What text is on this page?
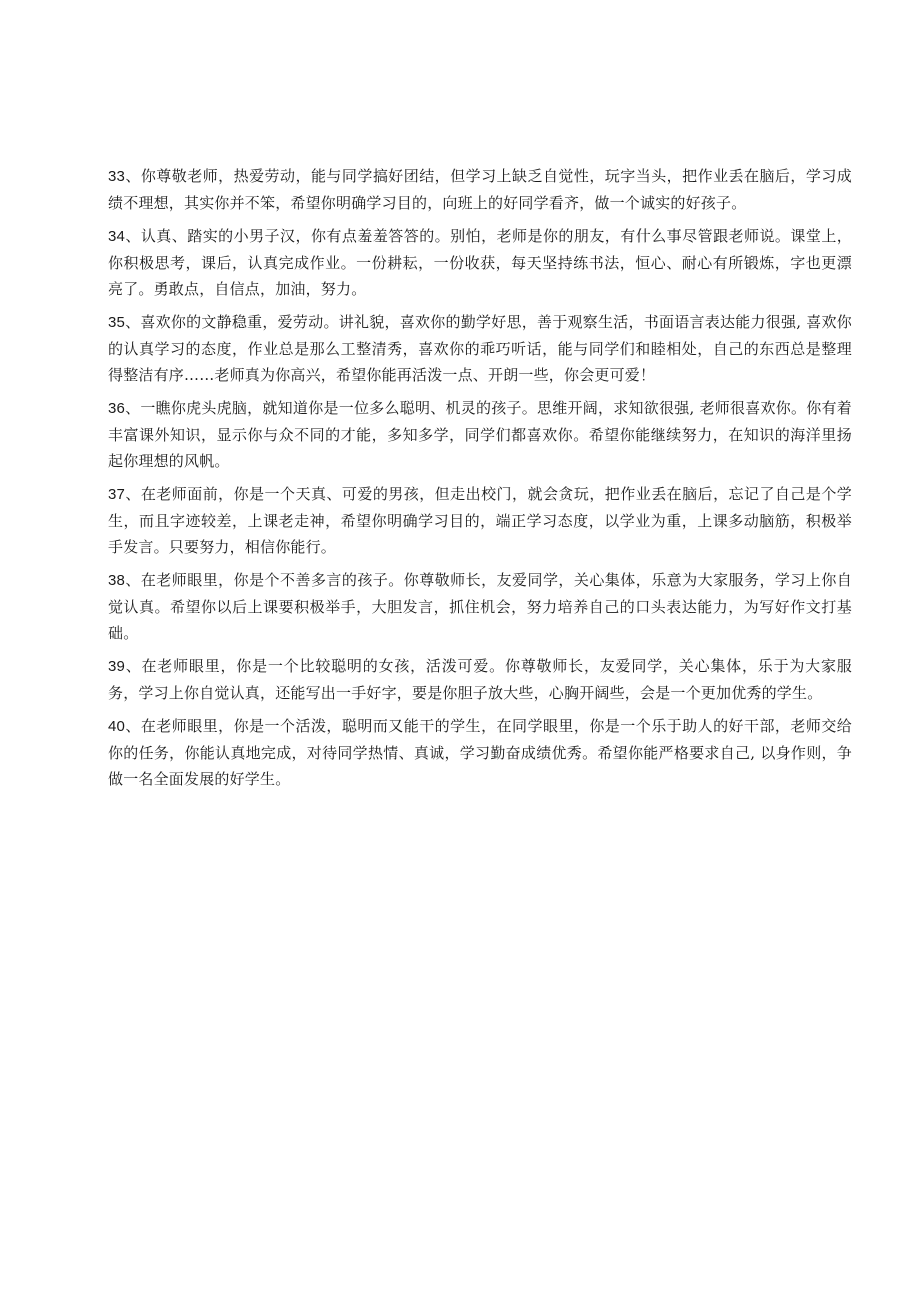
33、你尊敬老师，热爱劳动，能与同学搞好团结，但学习上缺乏自觉性，玩字当头，把作业丢在脑后，学习成绩不理想，其实你并不笨，希望你明确学习目的，向班上的好同学看齐，做一个诚实的好孩子。

34、认真、踏实的小男子汉，你有点羞羞答答的。别怕，老师是你的朋友，有什么事尽管跟老师说。课堂上，你积极思考，课后，认真完成作业。一份耕耘，一份收获，每天坚持练书法，恒心、耐心有所锻炼，字也更漂亮了。勇敢点，自信点，加油，努力。

35、喜欢你的文静稳重，爱劳动。讲礼貌，喜欢你的勤学好思，善于观察生活，书面语言表达能力很强, 喜欢你的认真学习的态度，作业总是那么工整清秀，喜欢你的乖巧听话，能与同学们和睦相处，自己的东西总是整理得整洁有序……老师真为你高兴，希望你能再活泼一点、开朗一些，你会更可爱！

36、一瞧你虎头虎脑，就知道你是一位多么聪明、机灵的孩子。思维开阔，求知欲很强, 老师很喜欢你。你有着丰富课外知识，显示你与众不同的才能，多知多学，同学们都喜欢你。希望你能继续努力，在知识的海洋里扬起你理想的风帆。

37、在老师面前，你是一个天真、可爱的男孩，但走出校门，就会贪玩，把作业丢在脑后，忘记了自己是个学生，而且字迹较差，上课老走神，希望你明确学习目的，端正学习态度，以学业为重，上课多动脑筋，积极举手发言。只要努力，相信你能行。

38、在老师眼里，你是个不善多言的孩子。你尊敬师长，友爱同学，关心集体，乐意为大家服务，学习上你自觉认真。希望你以后上课要积极举手，大胆发言，抓住机会，努力培养自己的口头表达能力，为写好作文打基础。

39、在老师眼里，你是一个比较聪明的女孩，活泼可爱。你尊敬师长，友爱同学，关心集体，乐于为大家服务，学习上你自觉认真，还能写出一手好字，要是你胆子放大些，心胸开阔些，会是一个更加优秀的学生。

40、在老师眼里，你是一个活泼，聪明而又能干的学生，在同学眼里，你是一个乐于助人的好干部，老师交给你的任务，你能认真地完成，对待同学热情、真诚，学习勤奋成绩优秀。希望你能严格要求自己, 以身作则，争做一名全面发展的好学生。
